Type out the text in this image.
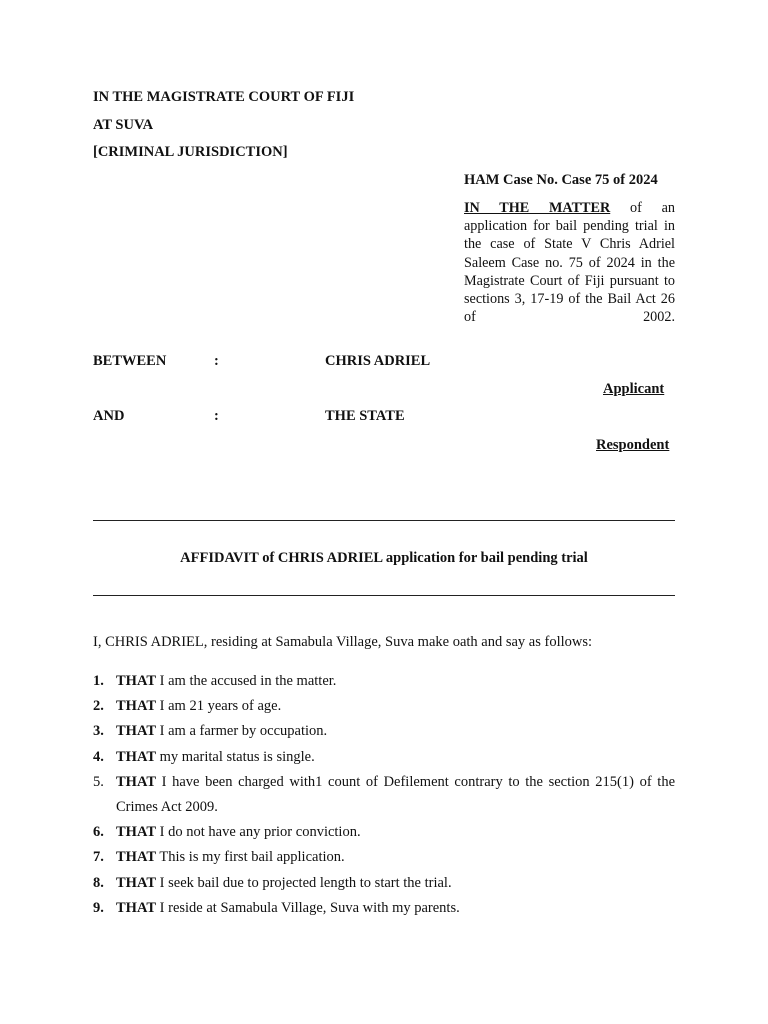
IN THE MAGISTRATE COURT OF FIJI
AT SUVA
[CRIMINAL JURISDICTION]
HAM Case No. Case 75 of 2024
IN THE MATTER of an application for bail pending trial in the case of State V Chris Adriel Saleem Case no. 75 of 2024 in the Magistrate Court of Fiji pursuant to sections 3, 17-19 of the Bail Act 26 of 2002.
BETWEEN	:	CHRIS ADRIEL
Applicant
AND	:	THE STATE
Respondent
AFFIDAVIT of CHRIS ADRIEL application for bail pending trial
I, CHRIS ADRIEL, residing at Samabula Village, Suva make oath and say as follows:
1. THAT I am the accused in the matter.
2. THAT I am 21 years of age.
3. THAT I am a farmer by occupation.
4. THAT my marital status is single.
5. THAT I have been charged with1 count of Defilement contrary to the section 215(1) of the Crimes Act 2009.
6. THAT I do not have any prior conviction.
7. THAT This is my first bail application.
8. THAT I seek bail due to projected length to start the trial.
9. THAT I reside at Samabula Village, Suva with my parents.
